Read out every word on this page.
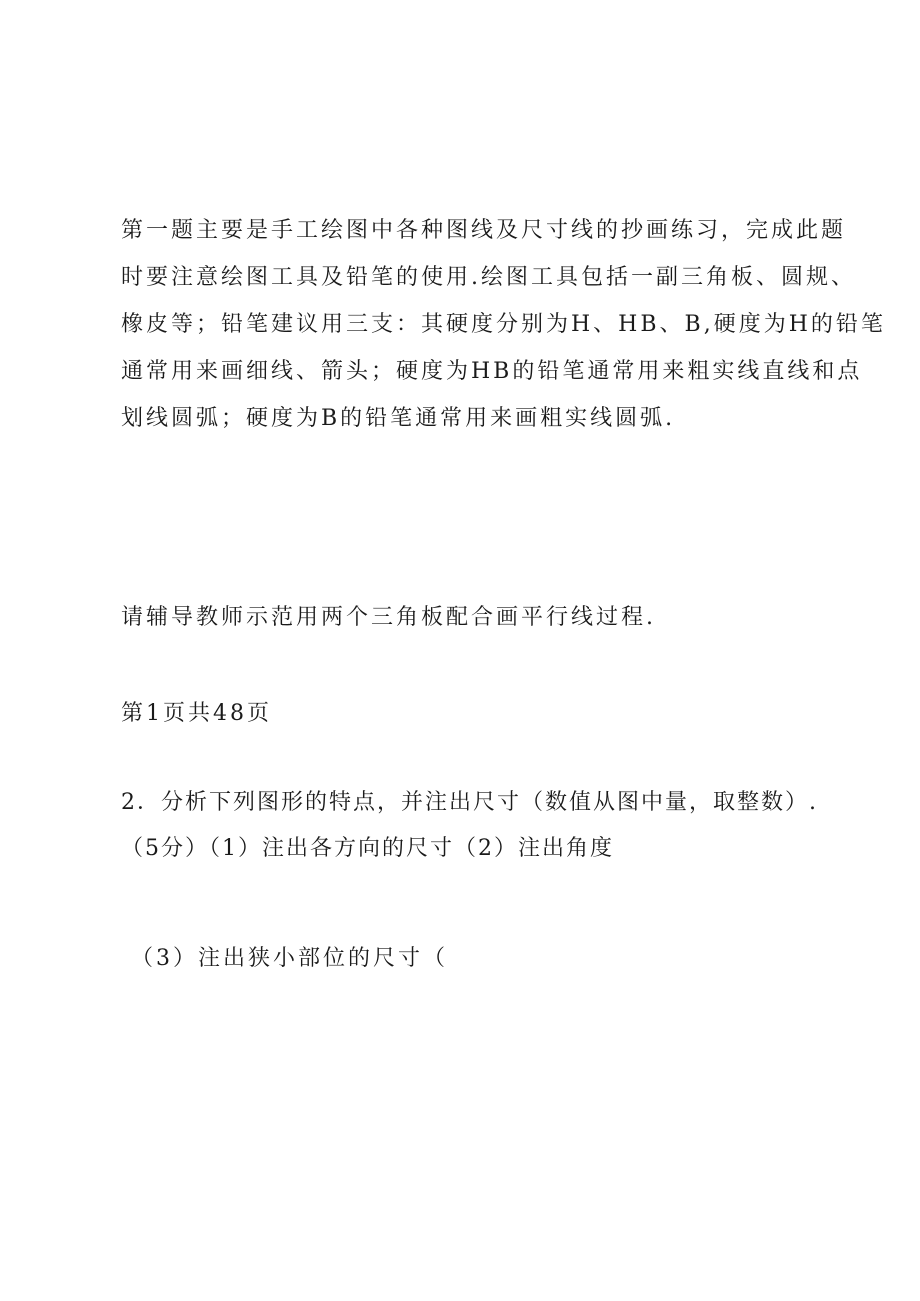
第一题主要是手工绘图中各种图线及尺寸线的抄画练习，完成此题
时要注意绘图工具及铅笔的使用.绘图工具包括一副三角板、圆规、
橡皮等；铅笔建议用三支：其硬度分别为H、HB、B,硬度为H的铅笔
通常用来画细线、箭头；硬度为HB的铅笔通常用来粗实线直线和点
划线圆弧；硬度为B的铅笔通常用来画粗实线圆弧.
请辅导教师示范用两个三角板配合画平行线过程.
第1页共48页
2．分析下列图形的特点，并注出尺寸（数值从图中量，取整数）.
（5分）（1）注出各方向的尺寸（2）注出角度
（3）注出狭小部位的尺寸（
